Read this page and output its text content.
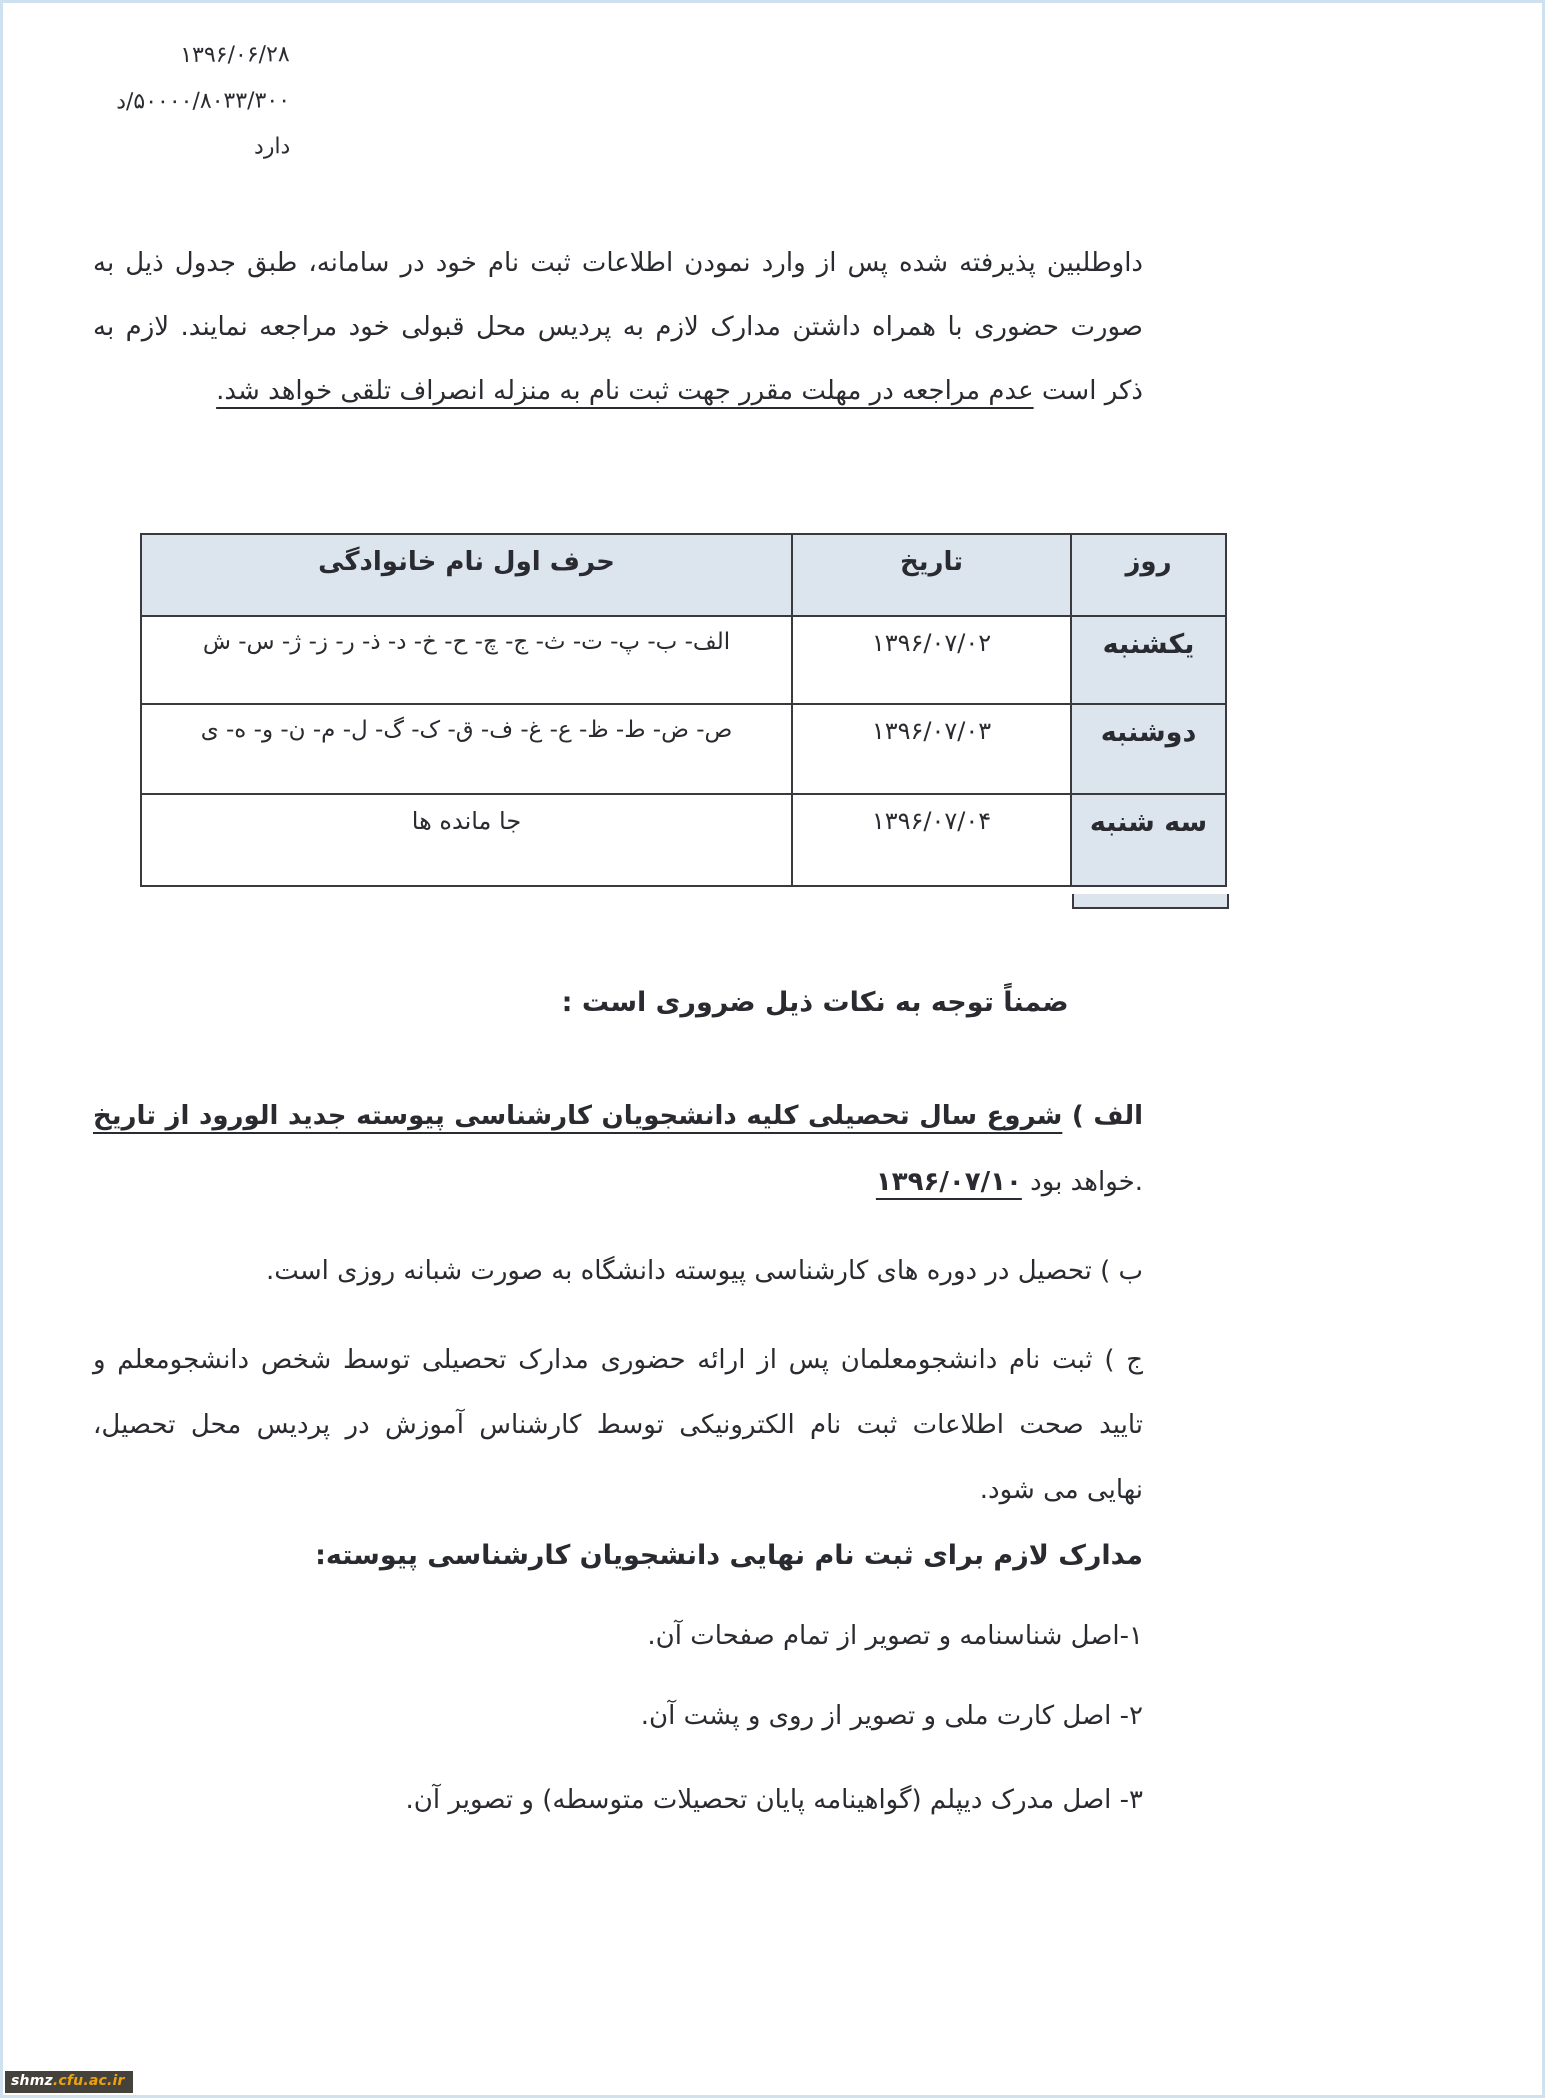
۱۳۹۶/۰۶/۲۸
د/۵۰۰۰۰/۸۰۳۳/۳۰۰
دارد
داوطلبین پذیرفته شده پس از وارد نمودن اطلاعات ثبت نام خود در سامانه، طبق جدول ذیل به
صورت حضوری با همراه داشتن مدارک لازم به پردیس محل قبولی خود مراجعه نمایند. لازم به
ذکر است عدم مراجعه در مهلت مقرر جهت ثبت نام به منزله انصراف تلقی خواهد شد.
روز	تاریخ	حرف اول نام خانوادگی
یکشنبه	۱۳۹۶/۰۷/۰۲	الف- ب- پ- ت- ث- ج- چ- ح- خ- د- ذ- ر- ز- ژ- س- ش
دوشنبه	۱۳۹۶/۰۷/۰۳	ص- ض- ط- ظ- ع- غ- ف- ق- ک- گ- ل- م- ن- و- ه- ی
سه شنبه	۱۳۹۶/۰۷/۰۴	جا مانده ها
ضمناً توجه به نکات ذیل ضروری است :
الف ) شروع سال تحصیلی کلیه دانشجویان کارشناسی پیوسته جدید الورود از تاریخ
۱۳۹۶/۰۷/۱۰ خواهد بود.
ب ) تحصیل در دوره های کارشناسی پیوسته دانشگاه به صورت شبانه روزی است.
ج ) ثبت نام دانشجومعلمان پس از ارائه حضوری مدارک تحصیلی توسط شخص دانشجومعلم و
تایید صحت اطلاعات ثبت نام الکترونیکی توسط کارشناس آموزش در پردیس محل تحصیل،
نهایی می شود.
مدارک لازم برای ثبت نام نهایی دانشجویان کارشناسی پیوسته:
۱-اصل شناسنامه و تصویر از تمام صفحات آن.
۲- اصل کارت ملی و تصویر از روی و پشت آن.
۳- اصل مدرک دیپلم (گواهینامه پایان تحصیلات متوسطه) و تصویر آن.
shmz.cfu.ac.ir
